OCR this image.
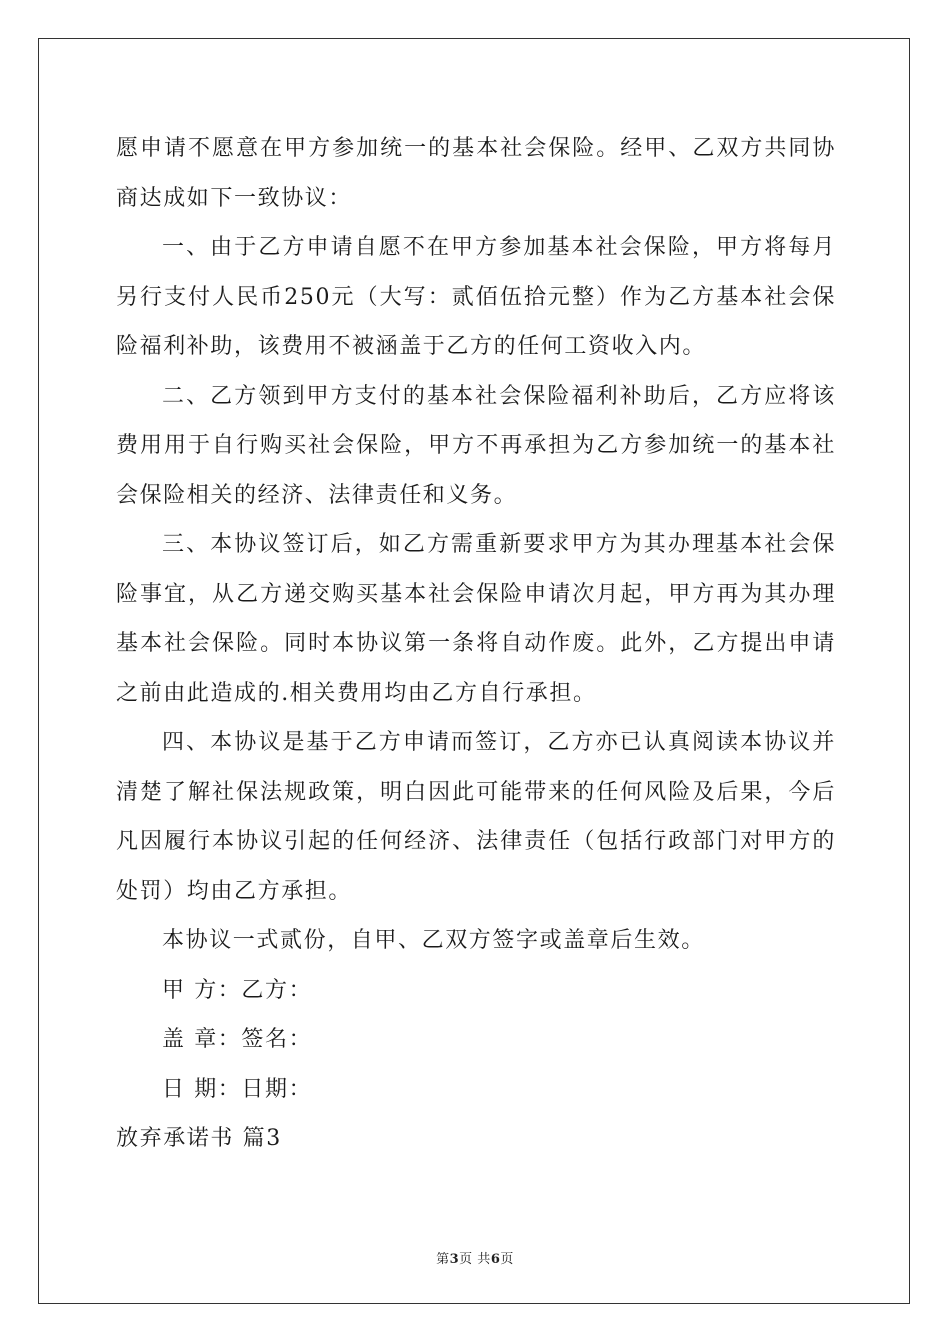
愿申请不愿意在甲方参加统一的基本社会保险。经甲、乙双方共同协商达成如下一致协议：

一、由于乙方申请自愿不在甲方参加基本社会保险，甲方将每月另行支付人民币250元（大写：贰佰伍拾元整）作为乙方基本社会保险福利补助，该费用不被涵盖于乙方的任何工资收入内。

二、乙方领到甲方支付的基本社会保险福利补助后，乙方应将该费用用于自行购买社会保险，甲方不再承担为乙方参加统一的基本社会保险相关的经济、法律责任和义务。

三、本协议签订后，如乙方需重新要求甲方为其办理基本社会保险事宜，从乙方递交购买基本社会保险申请次月起，甲方再为其办理基本社会保险。同时本协议第一条将自动作废。此外，乙方提出申请之前由此造成的.相关费用均由乙方自行承担。

四、本协议是基于乙方申请而签订，乙方亦已认真阅读本协议并清楚了解社保法规政策，明白因此可能带来的任何风险及后果，今后凡因履行本协议引起的任何经济、法律责任（包括行政部门对甲方的处罚）均由乙方承担。

本协议一式贰份，自甲、乙双方签字或盖章后生效。

甲 方：乙方：

盖 章：签名：

日 期：日期：

放弃承诺书 篇3

第3页 共6页
